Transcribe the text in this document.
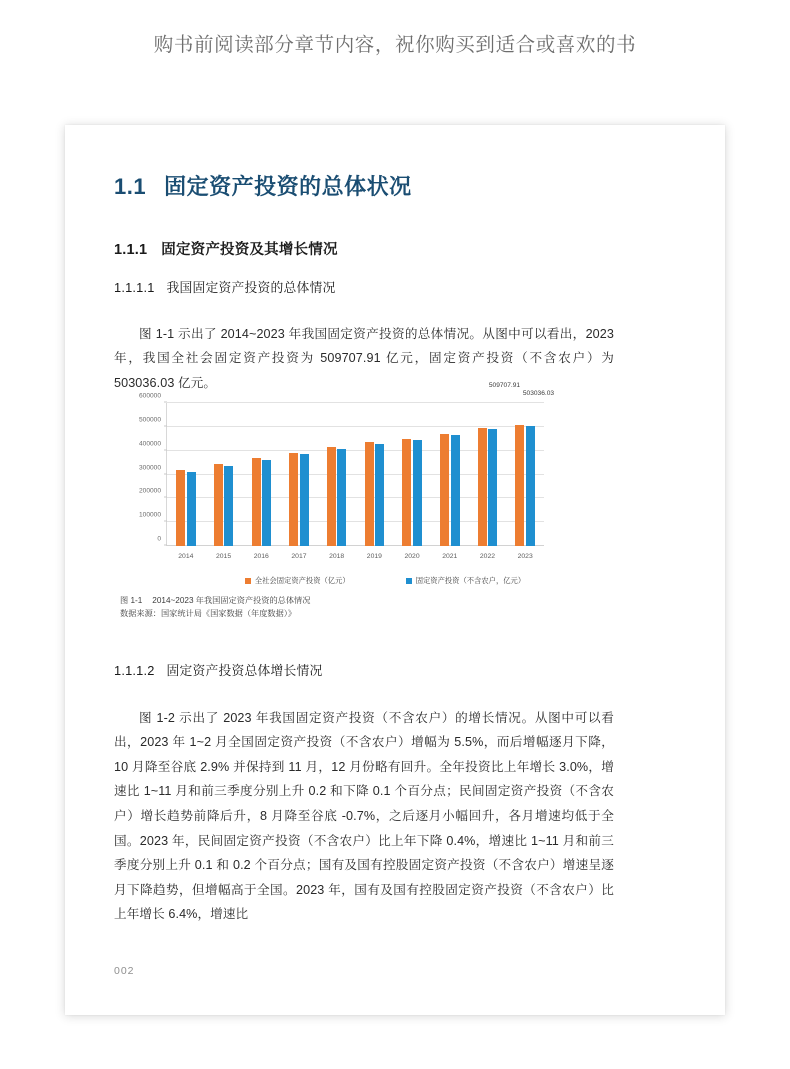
购书前阅读部分章节内容，祝你购买到适合或喜欢的书
1.1 固定资产投资的总体状况
1.1.1 固定资产投资及其增长情况
1.1.1.1 我国固定资产投资的总体情况

图 1-1 示出了 2014~2023 年我国固定资产投资的总体情况。从图中可以看出，2023 年，我国全社会固定资产投资为 509707.91 亿元，固定资产投资（不含农户）为 503036.03 亿元。

0
100000
200000
300000
400000
500000
600000
2014	2015	2016	2017	2018	2019	2020	2021	2022	2023
509707.91
503036.03
全社会固定资产投资（亿元）	固定资产投资（不含农户，亿元）
图 1-1 2014~2023 年我国固定资产投资的总体情况
数据来源：国家统计局《国家数据（年度数据）》
1.1.1.2 固定资产投资总体增长情况

图 1-2 示出了 2023 年我国固定资产投资（不含农户）的增长情况。从图中可以看出，2023 年 1~2 月全国固定资产投资（不含农户）增幅为 5.5%，而后增幅逐月下降，10 月降至谷底 2.9% 并保持到 11 月，12 月份略有回升。全年投资比上年增长 3.0%，增速比 1~11 月和前三季度分别上升 0.2 和下降 0.1 个百分点；民间固定资产投资（不含农户）增长趋势前降后升，8 月降至谷底 -0.7%，之后逐月小幅回升，各月增速均低于全国。2023 年，民间固定资产投资（不含农户）比上年下降 0.4%，增速比 1~11 月和前三季度分别上升 0.1 和 0.2 个百分点；国有及国有控股固定资产投资（不含农户）增速呈逐月下降趋势，但增幅高于全国。2023 年，国有及国有控股固定资产投资（不含农户）比上年增长 6.4%，增速比

002
